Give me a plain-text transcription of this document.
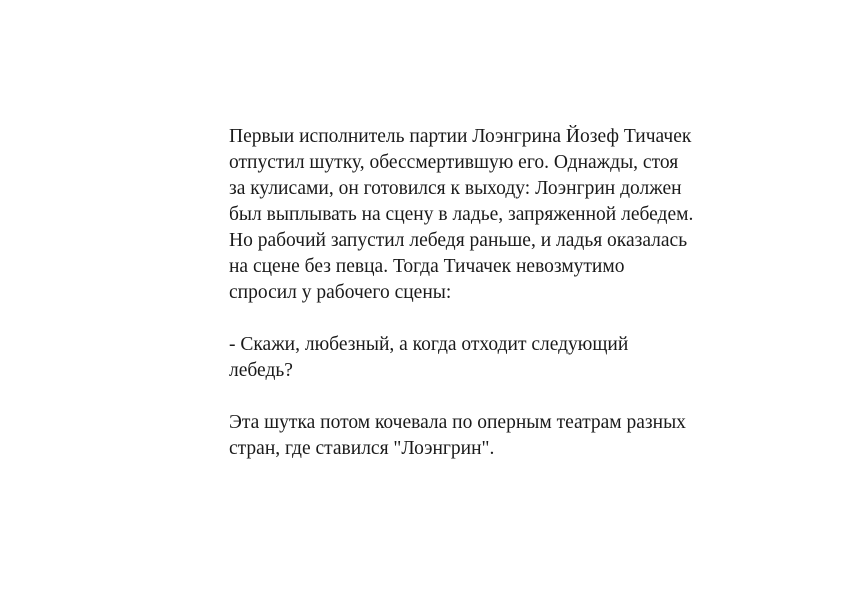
Первыи исполнитель партии Лоэнгрина Йозеф Тичачек
отпустил шутку, обессмертившую его. Однажды, стоя
за кулисами, он готовился к выходу: Лоэнгрин должен
был выплывать на сцену в ладье, запряженной лебедем.
Но рабочий запустил лебедя раньше, и ладья оказалась
на сцене без певца. Тогда Тичачек невозмутимо
спросил у рабочего сцены:
- Скажи, любезный, а когда отходит следующий
лебедь?
Эта шутка потом кочевала по оперным театрам разных
стран, где ставился "Лоэнгрин".
